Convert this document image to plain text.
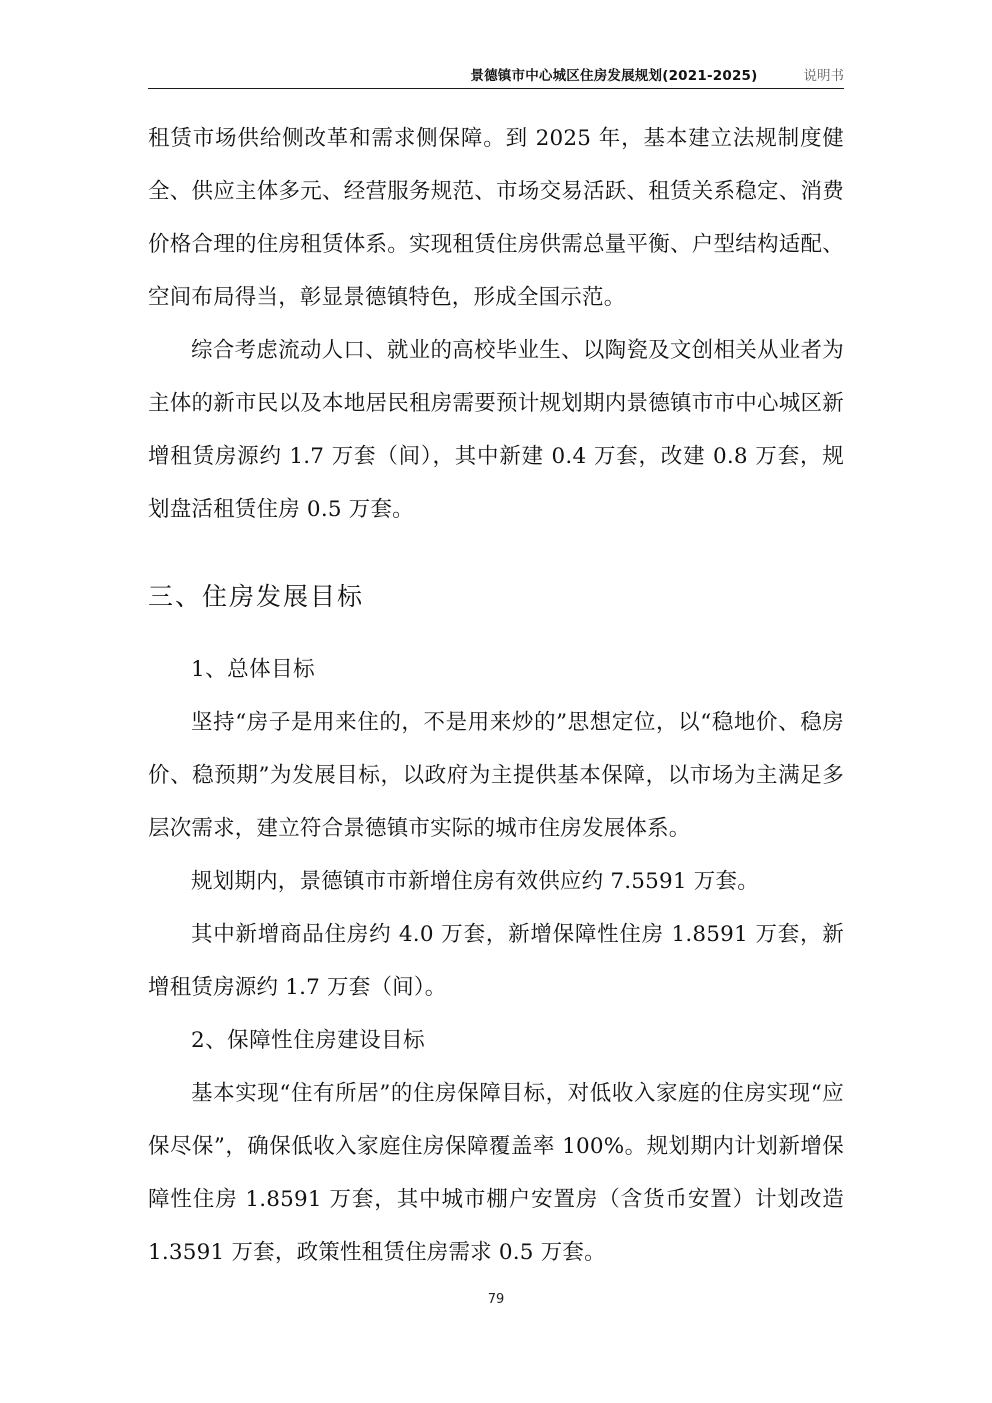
景德镇市中心城区住房发展规划(2021-2025)	说明书

租赁市场供给侧改革和需求侧保障。到 2025 年，基本建立法规制度健全、供应主体多元、经营服务规范、市场交易活跃、租赁关系稳定、消费价格合理的住房租赁体系。实现租赁住房供需总量平衡、户型结构适配、空间布局得当，彰显景德镇特色，形成全国示范。

综合考虑流动人口、就业的高校毕业生、以陶瓷及文创相关从业者为主体的新市民以及本地居民租房需要预计规划期内景德镇市市中心城区新增租赁房源约 1.7 万套（间），其中新建 0.4 万套，改建 0.8 万套，规划盘活租赁住房 0.5 万套。

三、住房发展目标
1、总体目标

坚持“房子是用来住的，不是用来炒的”思想定位，以“稳地价、稳房价、稳预期”为发展目标，以政府为主提供基本保障，以市场为主满足多层次需求，建立符合景德镇市实际的城市住房发展体系。

规划期内，景德镇市市新增住房有效供应约 7.5591 万套。

其中新增商品住房约 4.0 万套，新增保障性住房 1.8591 万套，新增租赁房源约 1.7 万套（间）。

2、保障性住房建设目标

基本实现“住有所居”的住房保障目标，对低收入家庭的住房实现“应保尽保”，确保低收入家庭住房保障覆盖率 100%。规划期内计划新增保障性住房 1.8591 万套，其中城市棚户安置房（含货币安置）计划改造 1.3591 万套，政策性租赁住房需求 0.5 万套。

79
